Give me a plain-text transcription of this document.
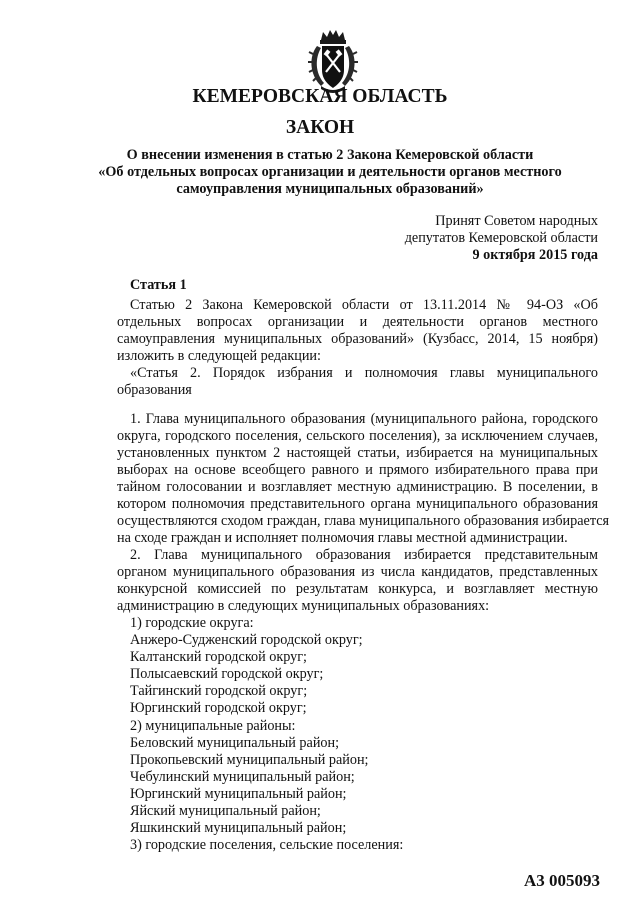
КЕМЕРОВСКАЯ ОБЛАСТЬ
ЗАКОН
О внесении изменения в статью 2 Закона Кемеровской области
«Об отдельных вопросах организации и деятельности органов местного
самоуправления муниципальных образований»
Принят Советом народных
депутатов Кемеровской области
9 октября 2015 года
Статья 1
Статью 2 Закона Кемеровской области от 13.11.2014 № 94-ОЗ «Об
отдельных вопросах организации и деятельности органов местного
самоуправления муниципальных образований» (Кузбасс, 2014, 15 ноября)
изложить в следующей редакции:
«Статья 2. Порядок избрания и полномочия главы муниципального
образования
1. Глава муниципального образования (муниципального района, городского
округа, городского поселения, сельского поселения), за исключением случаев,
установленных пунктом 2 настоящей статьи, избирается на муниципальных
выборах на основе всеобщего равного и прямого избирательного права при
тайном голосовании и возглавляет местную администрацию. В поселении, в
котором полномочия представительного органа муниципального образования
осуществляются сходом граждан, глава муниципального образования избирается
на сходе граждан и исполняет полномочия главы местной администрации.
2. Глава муниципального образования избирается представительным
органом муниципального образования из числа кандидатов, представленных
конкурсной комиссией по результатам конкурса, и возглавляет местную
администрацию в следующих муниципальных образованиях:
1) городские округа:
Анжеро-Судженский городской округ;
Калтанский городской округ;
Полысаевский городской округ;
Тайгинский городской округ;
Юргинский городской округ;
2) муниципальные районы:
Беловский муниципальный район;
Прокопьевский муниципальный район;
Чебулинский муниципальный район;
Юргинский муниципальный район;
Яйский муниципальный район;
Яшкинский муниципальный район;
3) городские поселения, сельские поселения:
А3 005093
